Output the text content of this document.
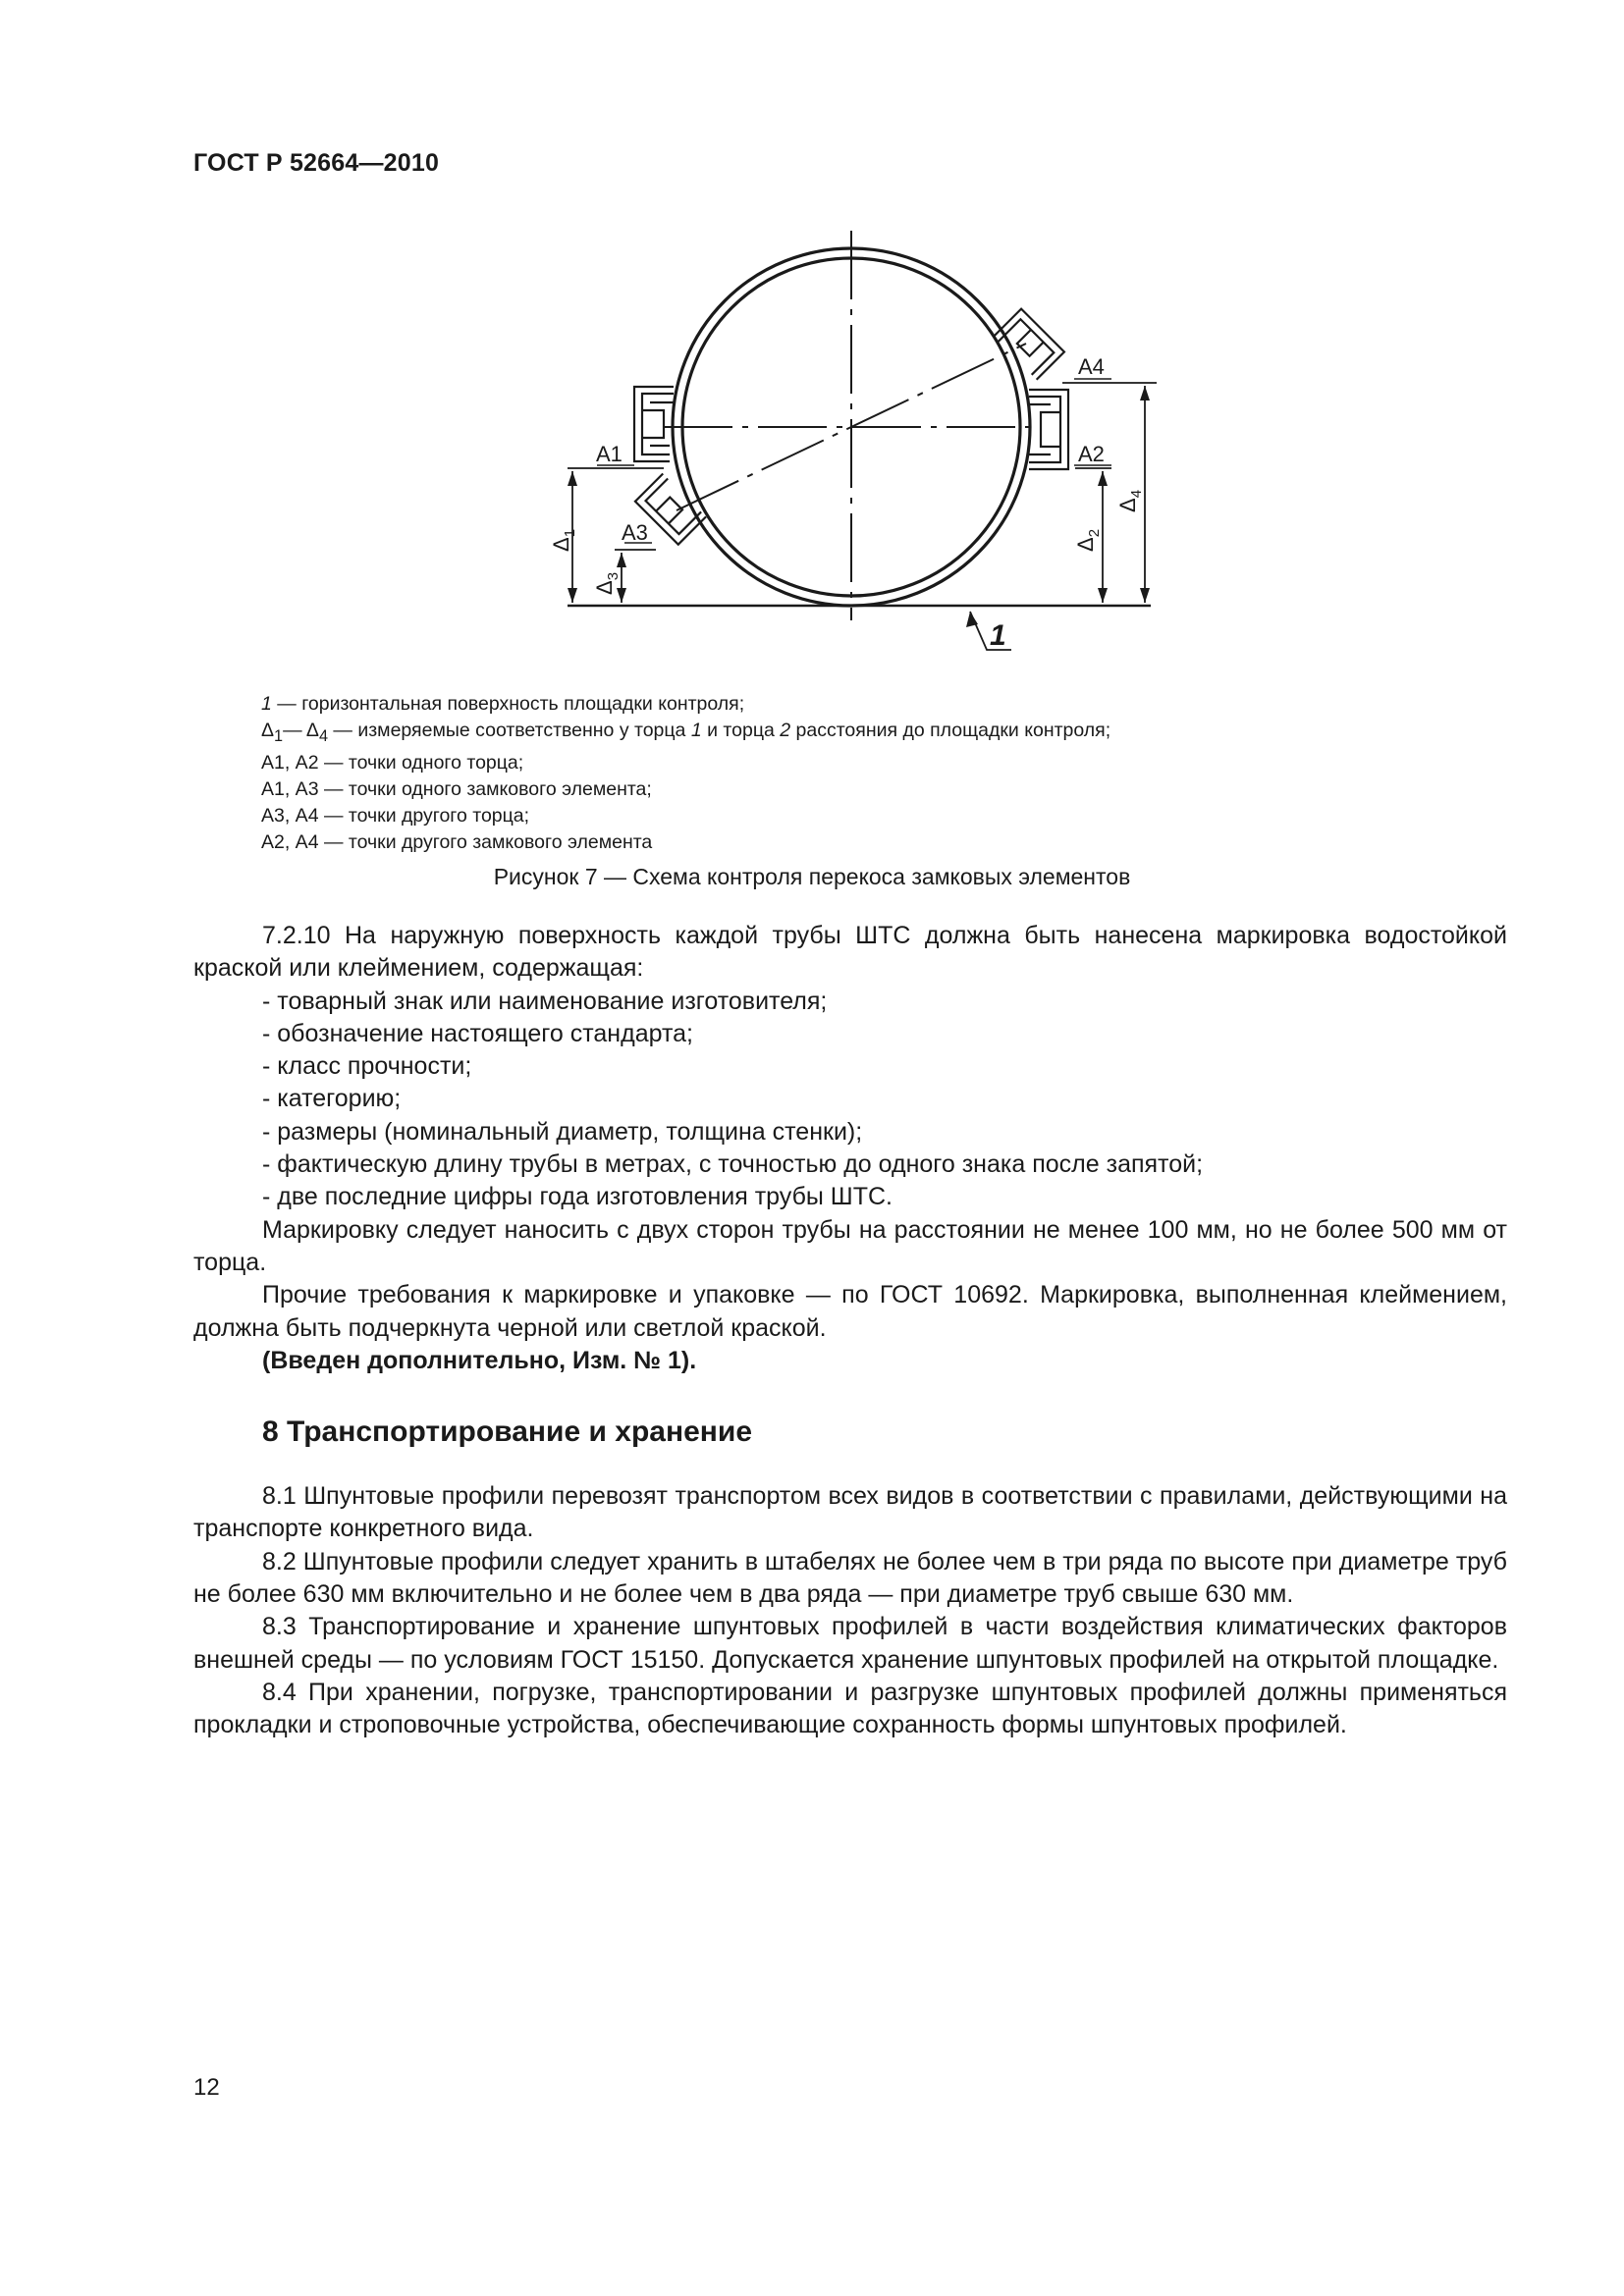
ГОСТ Р 52664—2010
A1	A2
A3
A4
$\Delta_1$
$\Delta_3$
$\Delta_2$
$\Delta_4$
1
1 — горизонтальная поверхность площадки контроля;
$\Delta_1—$ $\Delta_4$ — измеряемые соответственно у торца 1 и торца 2 расстояния до площадки контроля;
А1, А2 — точки одного торца;
А1, А3 — точки одного замкового элемента;
А3, А4 — точки другого торца;
А2, А4 — точки другого замкового элемента
Рисунок 7 — Схема контроля перекоса замковых элементов

7.2.10 На наружную поверхность каждой трубы ШТС должна быть нанесена маркировка водостойкой краской или клеймением, содержащая:

- товарный знак или наименование изготовителя;

- обозначение настоящего стандарта;

- класс прочности;

- категорию;

- размеры (номинальный диаметр, толщина стенки);

- фактическую длину трубы в метрах, с точностью до одного знака после запятой;

- две последние цифры года изготовления трубы ШТС.

Маркировку следует наносить с двух сторон трубы на расстоянии не менее 100 мм, но не более 500 мм от торца.

Прочие требования к маркировке и упаковке — по ГОСТ 10692. Маркировка, выполненная клеймением, должна быть подчеркнута черной или светлой краской.

(Введен дополнительно, Изм. № 1).

8 Транспортирование и хранение

8.1 Шпунтовые профили перевозят транспортом всех видов в соответствии с правилами, действующими на транспорте конкретного вида.

8.2 Шпунтовые профили следует хранить в штабелях не более чем в три ряда по высоте при диаметре труб не более 630 мм включительно и не более чем в два ряда — при диаметре труб свыше 630 мм.

8.3 Транспортирование и хранение шпунтовых профилей в части воздействия климатических факторов внешней среды — по условиям ГОСТ 15150. Допускается хранение шпунтовых профилей на открытой площадке.

8.4 При хранении, погрузке, транспортировании и разгрузке шпунтовых профилей должны применяться прокладки и строповочные устройства, обеспечивающие сохранность формы шпунтовых профилей.

12
